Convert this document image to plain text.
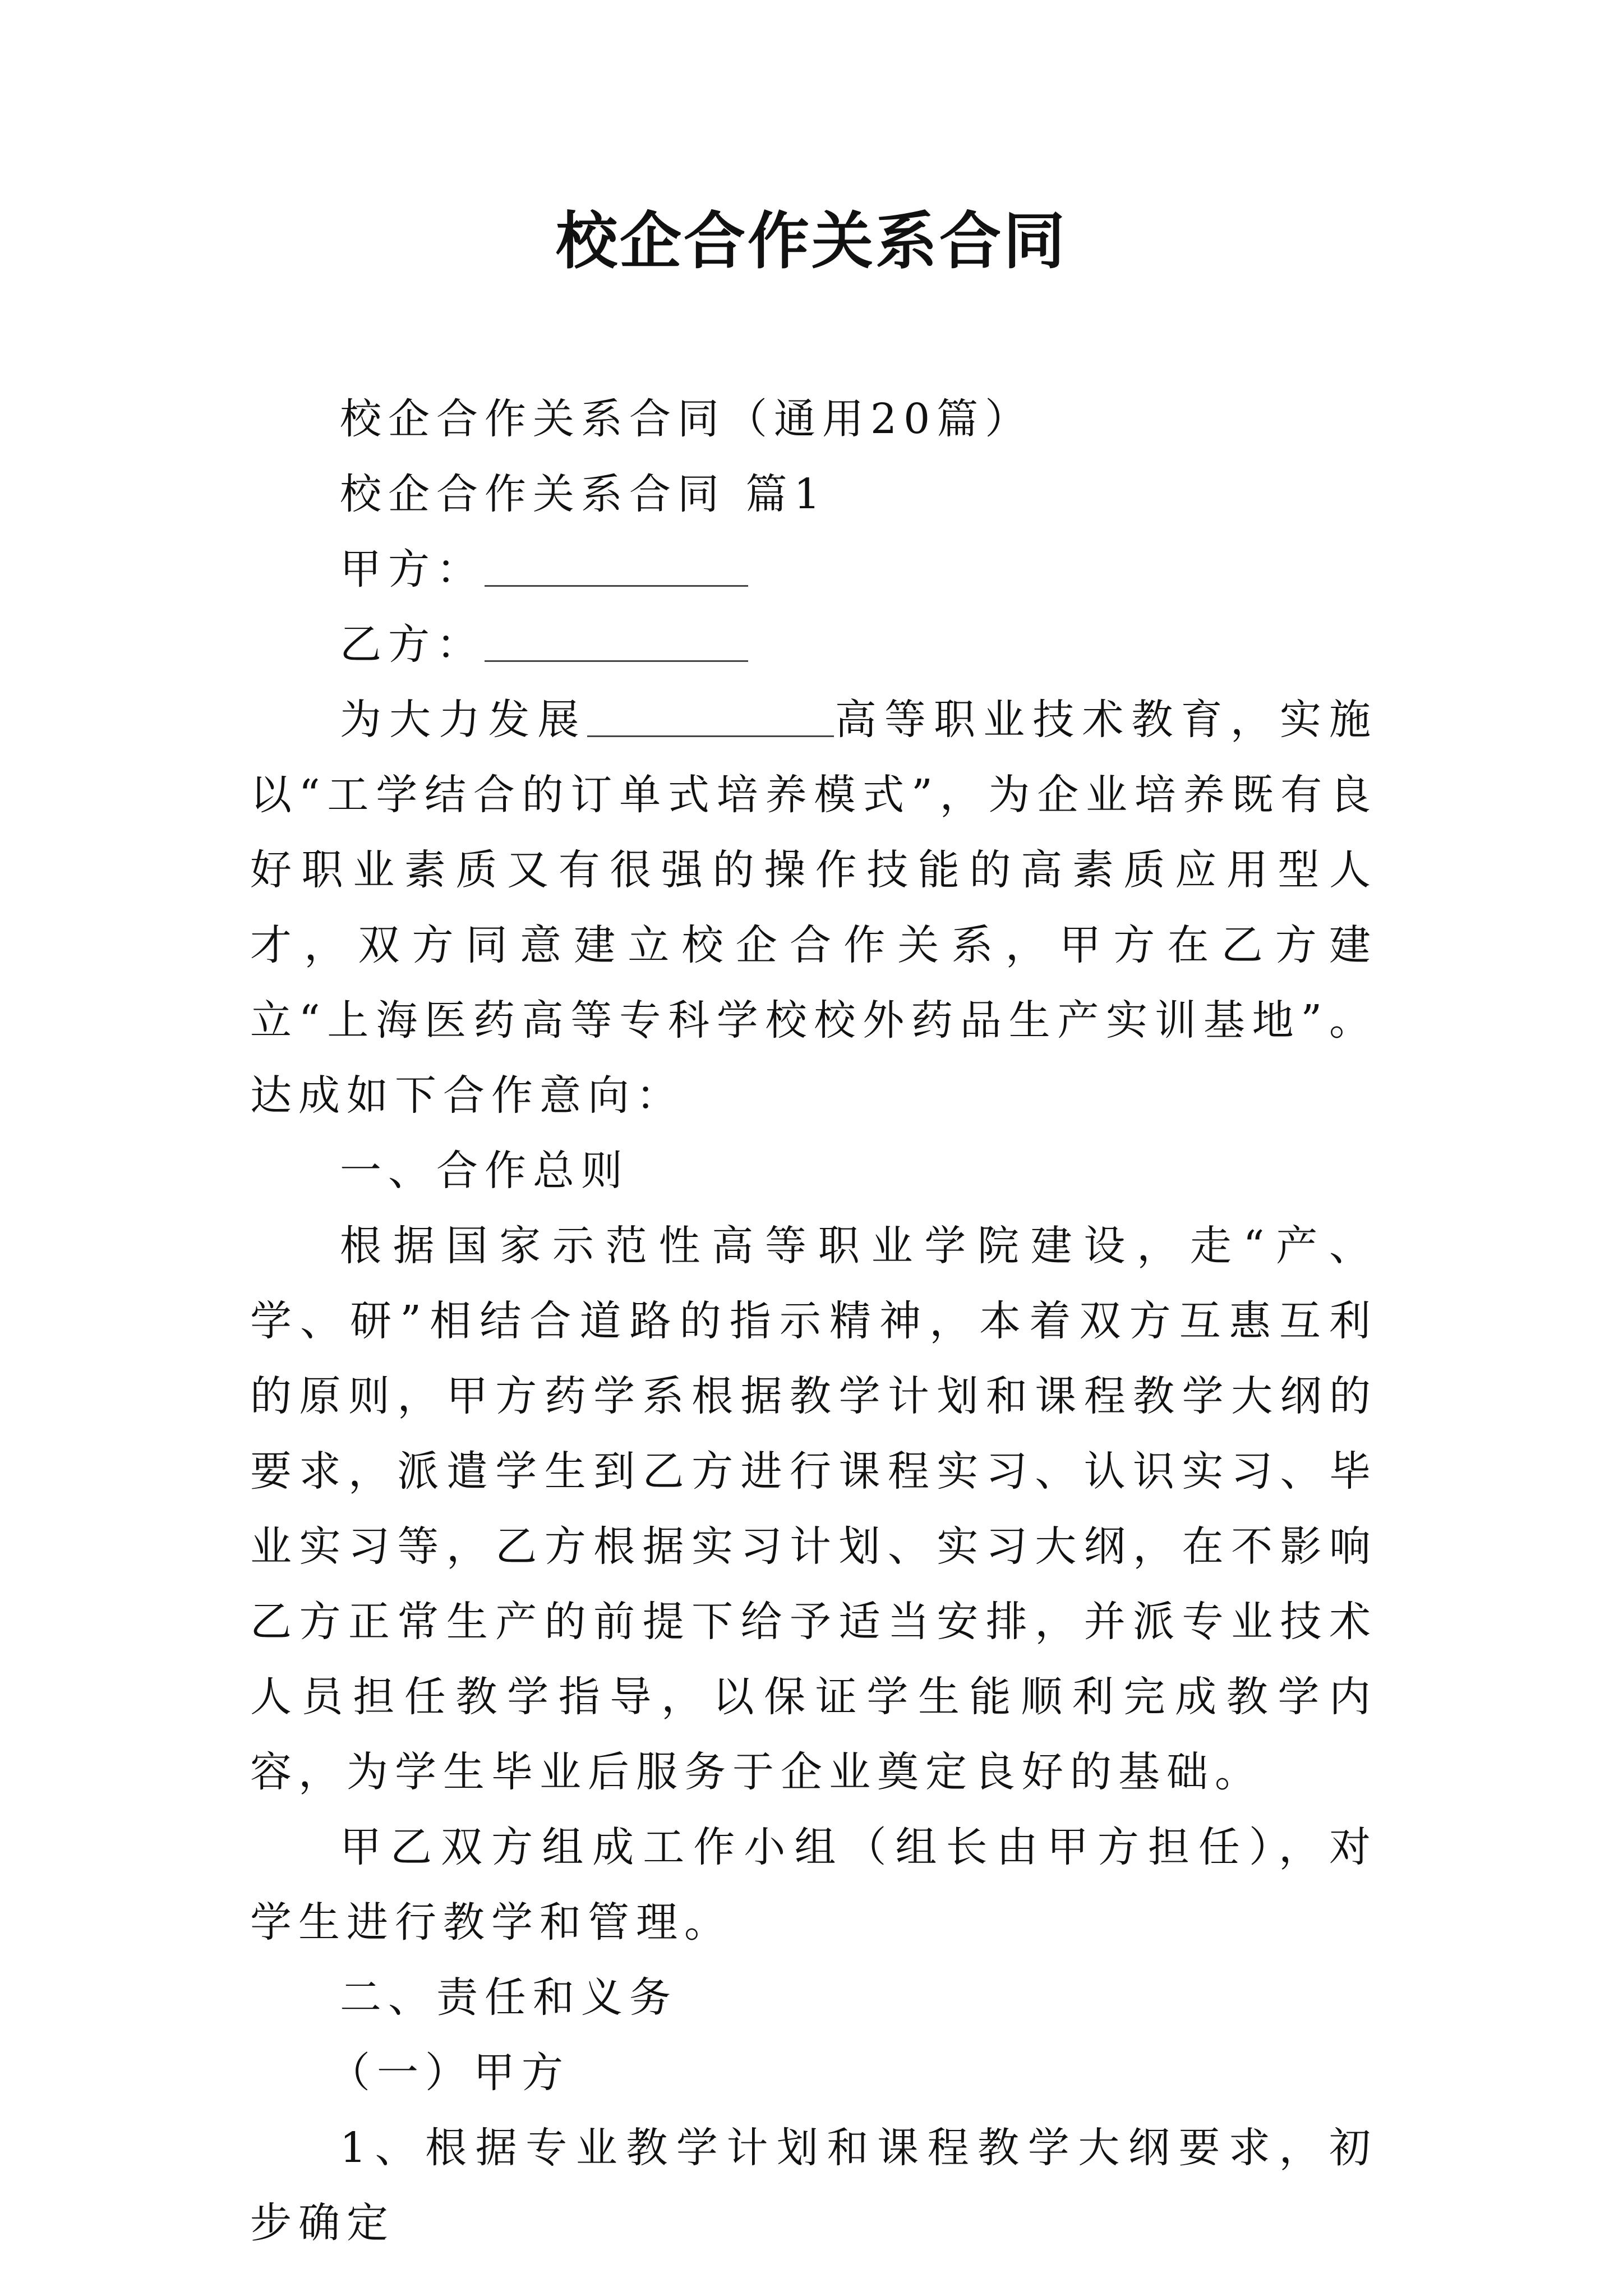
校企合作关系合同

校企合作关系合同（通用20篇）

校企合作关系合同 篇1

甲方：

乙方：

为大力发展	高等职业技术教育，实施以“工学结合的订单式培养模式”，为企业培养既有良好职业素质又有很强的操作技能的高素质应用型人才，双方同意建立校企合作关系，甲方在乙方建立“上海医药高等专科学校校外药品生产实训基地”。达成如下合作意向：

一、合作总则

根据国家示范性高等职业学院建设，走“产、学、研”相结合道路的指示精神，本着双方互惠互利的原则，甲方药学系根据教学计划和课程教学大纲的要求，派遣学生到乙方进行课程实习、认识实习、毕业实习等，乙方根据实习计划、实习大纲，在不影响乙方正常生产的前提下给予适当安排，并派专业技术人员担任教学指导，以保证学生能顺利完成教学内容，为学生毕业后服务于企业奠定良好的基础。

甲乙双方组成工作小组（组长由甲方担任），对学生进行教学和管理。

二、责任和义务

（一）甲方

1、根据专业教学计划和课程教学大纲要求，初步确定
